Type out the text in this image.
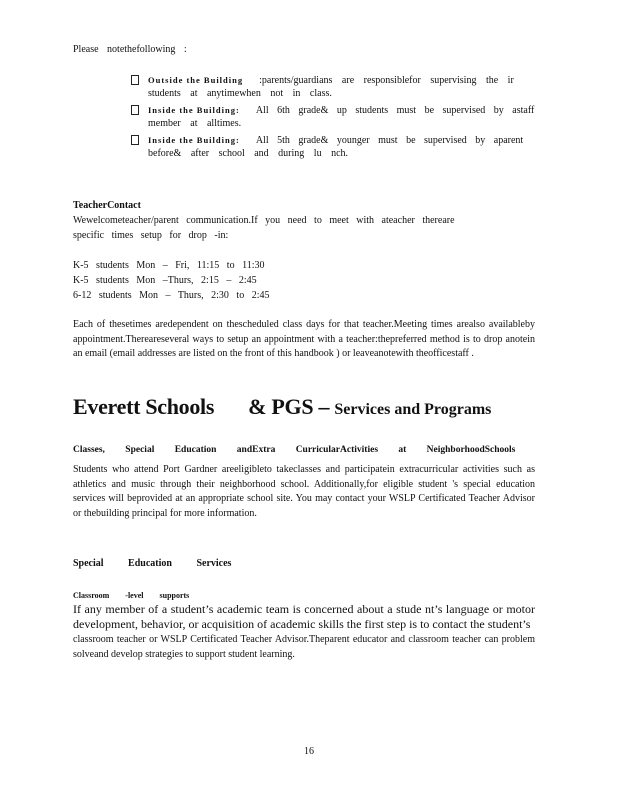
Please notethefollowing :
Outside the Building :parents/guardians are responsiblefor supervising the ir
students at anytimewhen not in class.
Inside the Building: All 6th grade& up students must be supervised by astaff
member at alltimes.
Inside the Building: All 5th grade& younger must be supervised by aparent
before& after school and during lu nch.
TeacherContact
Wewelcometeacher/parent communication.If you need to meet with ateacher thereare
specific times setup for drop -in:
K-5 students Mon – Fri, 11:15 to 11:30
K-5 students Mon –Thurs, 2:15 – 2:45
6-12 students Mon – Thurs, 2:30 to 2:45
Each of thesetimes aredependent on thescheduled class days for that teacher.Meeting times arealso availableby appointment.Thereareseveral ways to setup an appointment with a teacher:thepreferred method is to drop anotein an email (email addresses are listed on the front of this handbook ) or leaveanotewith theofficestaff .
Everett Schools & PGS – Services and Programs
Classes, Special Education andExtra CurricularActivities at NeighborhoodSchools
Students who attend Port Gardner areeligibleto takeclasses and participatein extracurricular activities such as athletics and music through their neighborhood school. Additionally,for eligible student 's special education services will beprovided at an appropriate school site. You may contact your WSLP Certificated Teacher Advisor or thebuilding principal for more information.
Special Education Services
Classroom -level supports
If any member of a student’s academic team is concerned about a stude nt’s language or motor development, behavior, or acquisition of academic skills the first step is to contact the student’s
classroom teacher or WSLP Certificated Teacher Advisor.Theparent educator and classroom teacher can problem solveand develop strategies to support student learning.
16
